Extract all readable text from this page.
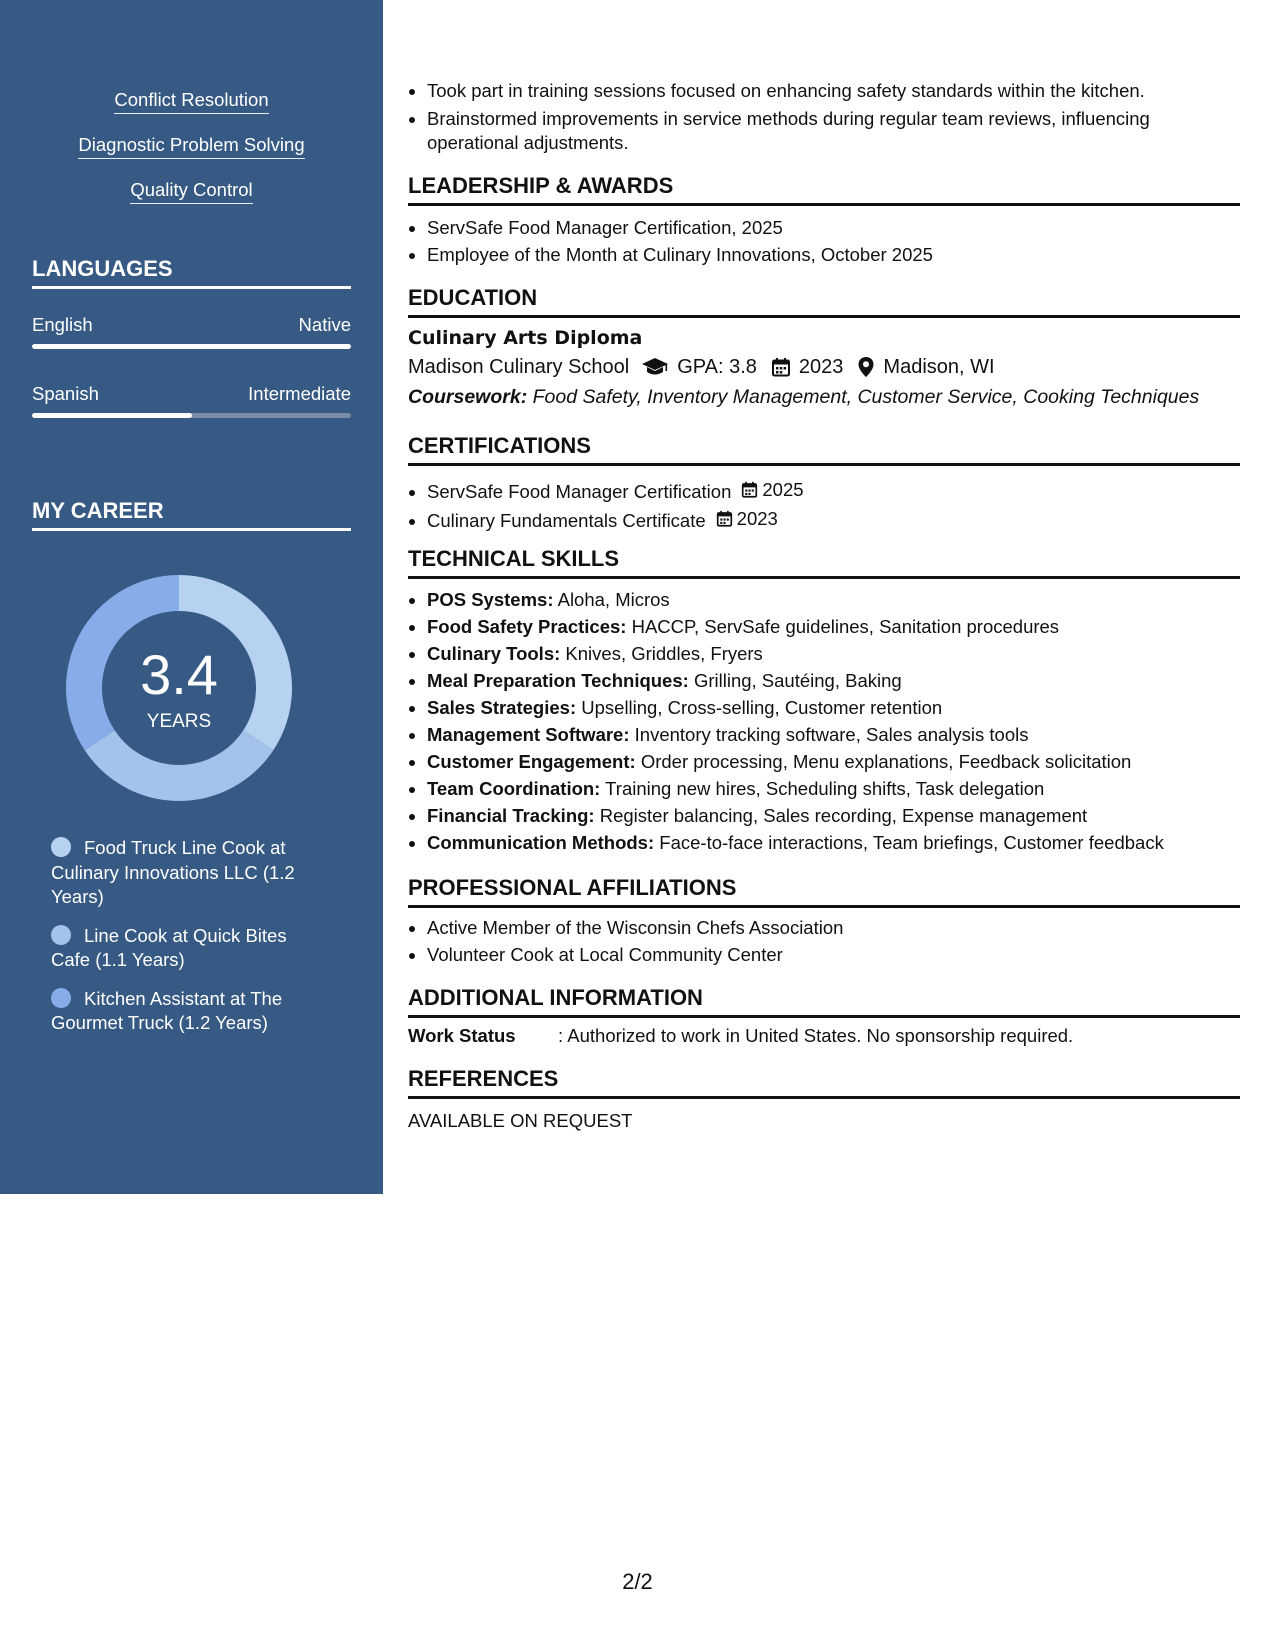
Conflict Resolution
Diagnostic Problem Solving
Quality Control
LANGUAGES
English	Native
Spanish	Intermediate
MY CAREER
3.4
YEARS
Food Truck Line Cook at Culinary Innovations LLC (1.2 Years)
Line Cook at Quick Bites Cafe (1.1 Years)
Kitchen Assistant at The Gourmet Truck (1.2 Years)
• Took part in training sessions focused on enhancing safety standards within the kitchen.
• Brainstormed improvements in service methods during regular team reviews, influencing operational adjustments.
LEADERSHIP & AWARDS
• ServSafe Food Manager Certification, 2025
• Employee of the Month at Culinary Innovations, October 2025
EDUCATION
Culinary Arts Diploma
Madison Culinary School GPA: 3.8 2023 Madison, WI
Coursework: Food Safety, Inventory Management, Customer Service, Cooking Techniques
CERTIFICATIONS
• ServSafe Food Manager Certification 2025
• Culinary Fundamentals Certificate 2023
TECHNICAL SKILLS
• POS Systems: Aloha, Micros
• Food Safety Practices: HACCP, ServSafe guidelines, Sanitation procedures
• Culinary Tools: Knives, Griddles, Fryers
• Meal Preparation Techniques: Grilling, Sautéing, Baking
• Sales Strategies: Upselling, Cross-selling, Customer retention
• Management Software: Inventory tracking software, Sales analysis tools
• Customer Engagement: Order processing, Menu explanations, Feedback solicitation
• Team Coordination: Training new hires, Scheduling shifts, Task delegation
• Financial Tracking: Register balancing, Sales recording, Expense management
• Communication Methods: Face-to-face interactions, Team briefings, Customer feedback
PROFESSIONAL AFFILIATIONS
• Active Member of the Wisconsin Chefs Association
• Volunteer Cook at Local Community Center
ADDITIONAL INFORMATION
Work Status	: Authorized to work in United States. No sponsorship required.
REFERENCES
AVAILABLE ON REQUEST
2/2
